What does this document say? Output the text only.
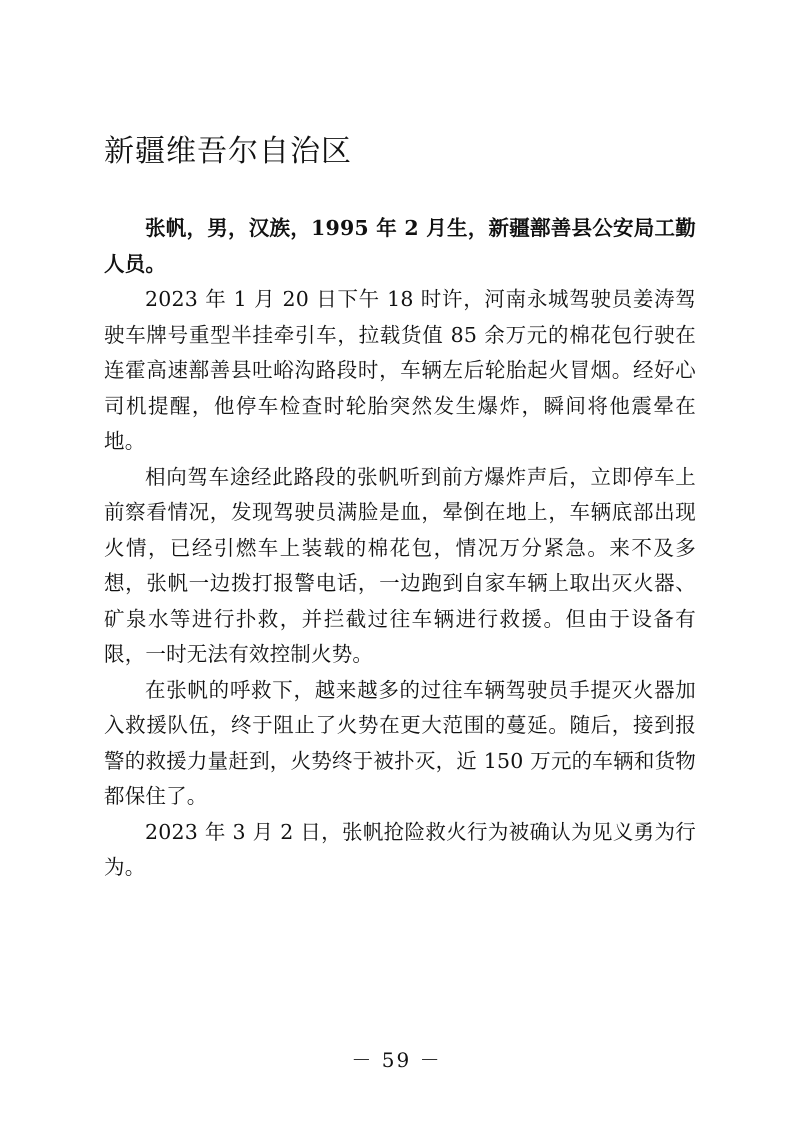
新疆维吾尔自治区

张帆，男，汉族，1995 年 2 月生，新疆鄯善县公安局工勤人员。

2023 年 1 月 20 日下午 18 时许，河南永城驾驶员姜涛驾驶车牌号重型半挂牵引车，拉载货值 85 余万元的棉花包行驶在连霍高速鄯善县吐峪沟路段时，车辆左后轮胎起火冒烟。经好心司机提醒，他停车检查时轮胎突然发生爆炸，瞬间将他震晕在地。

相向驾车途经此路段的张帆听到前方爆炸声后，立即停车上前察看情况，发现驾驶员满脸是血，晕倒在地上，车辆底部出现火情，已经引燃车上装载的棉花包，情况万分紧急。来不及多想，张帆一边拨打报警电话，一边跑到自家车辆上取出灭火器、矿泉水等进行扑救，并拦截过往车辆进行救援。但由于设备有限，一时无法有效控制火势。

在张帆的呼救下，越来越多的过往车辆驾驶员手提灭火器加入救援队伍，终于阻止了火势在更大范围的蔓延。随后，接到报警的救援力量赶到，火势终于被扑灭，近 150 万元的车辆和货物都保住了。

2023 年 3 月 2 日，张帆抢险救火行为被确认为见义勇为行为。

－ 59 －
